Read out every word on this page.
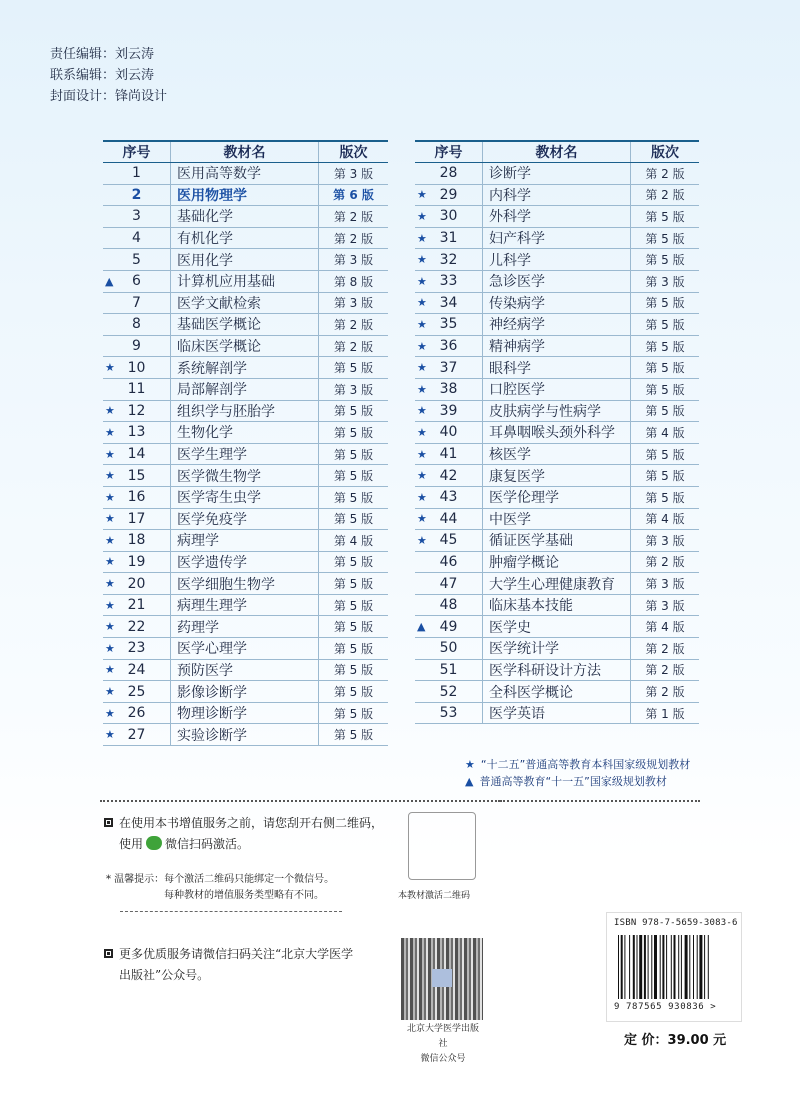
责任编辑：刘云涛
联系编辑：刘云涛
封面设计：锋尚设计
序号	教材名	版次
1	医用高等数学	第 3 版
2	医用物理学	第 6 版
3	基础化学	第 2 版
4	有机化学	第 2 版
5	医用化学	第 3 版
▲ 6	计算机应用基础	第 8 版
7	医学文献检索	第 3 版
8	基础医学概论	第 2 版
9	临床医学概论	第 2 版
★ 10	系统解剖学	第 5 版
11	局部解剖学	第 3 版
★ 12	组织学与胚胎学	第 5 版
★ 13	生物化学	第 5 版
★ 14	医学生理学	第 5 版
★ 15	医学微生物学	第 5 版
★ 16	医学寄生虫学	第 5 版
★ 17	医学免疫学	第 5 版
★ 18	病理学	第 4 版
★ 19	医学遗传学	第 5 版
★ 20	医学细胞生物学	第 5 版
★ 21	病理生理学	第 5 版
★ 22	药理学	第 5 版
★ 23	医学心理学	第 5 版
★ 24	预防医学	第 5 版
★ 25	影像诊断学	第 5 版
★ 26	物理诊断学	第 5 版
★ 27	实验诊断学	第 5 版
序号	教材名	版次
28	诊断学	第 2 版
★ 29	内科学	第 2 版
★ 30	外科学	第 5 版
★ 31	妇产科学	第 5 版
★ 32	儿科学	第 5 版
★ 33	急诊医学	第 3 版
★ 34	传染病学	第 5 版
★ 35	神经病学	第 5 版
★ 36	精神病学	第 5 版
★ 37	眼科学	第 5 版
★ 38	口腔医学	第 5 版
★ 39	皮肤病学与性病学	第 5 版
★ 40	耳鼻咽喉头颈外科学	第 4 版
★ 41	核医学	第 5 版
★ 42	康复医学	第 5 版
★ 43	医学伦理学	第 5 版
★ 44	中医学	第 4 版
★ 45	循证医学基础	第 3 版
46	肿瘤学概论	第 2 版
47	大学生心理健康教育	第 3 版
48	临床基本技能	第 3 版
▲ 49	医学史	第 4 版
50	医学统计学	第 2 版
51	医学科研设计方法	第 2 版
52	全科医学概论	第 2 版
53	医学英语	第 1 版
★ “十二五”普通高等教育本科国家级规划教材
▲ 普通高等教育“十一五”国家级规划教材
在使用本书增值服务之前，请您刮开右侧二维码，
使用 微信扫码激活。
* 温馨提示：每个激活二维码只能绑定一个微信号。
每种教材的增值服务类型略有不同。	本教材激活二维码
更多优质服务请微信扫码关注“北京大学医学
出版社”公众号。
北京大学医学出版社
微信公众号
ISBN 978-7-5659-3083-6
9 787565 930836 >
定 价：39.00 元
